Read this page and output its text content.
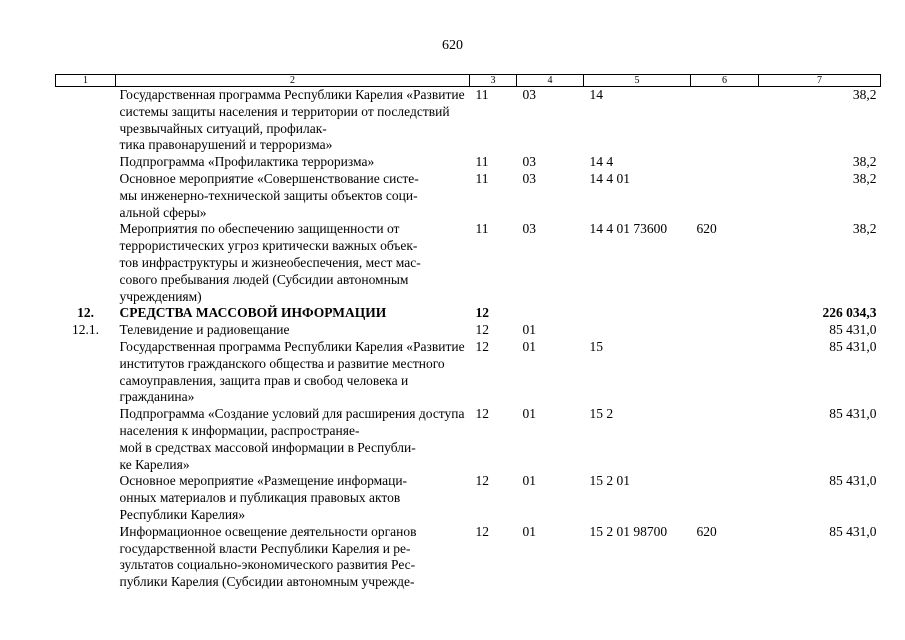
620
1	2	3	4	5	6	7
	Государственная программа Республики Карелия «Развитие системы защиты населения и территории от последствий чрезвычайных ситуаций, профилак-
тика правонарушений и терроризма»	11	03	14		38,2
	Подпрограмма «Профилактика терроризма»	11	03	14 4		38,2
	Основное мероприятие «Совершенствование систе-
мы инженерно-технической защиты объектов соци-
альной сферы»	11	03	14 4 01		38,2
	Мероприятия по обеспечению защищенности от террористических угроз критически важных объек-
тов инфраструктуры и жизнеобеспечения, мест мас-
сового пребывания людей (Субсидии автономным учреждениям)	11	03	14 4 01 73600	620	38,2
12.	СРЕДСТВА МАССОВОЙ ИНФОРМАЦИИ	12				226 034,3
12.1.	Телевидение и радиовещание	12	01			85 431,0
	Государственная программа Республики Карелия «Развитие институтов гражданского общества и развитие местного самоуправления, защита прав и свобод человека и гражданина»	12	01	15		85 431,0
	Подпрограмма «Создание условий для расширения доступа населения к информации, распространяе-
мой в средствах массовой информации в Республи-
ке Карелия»	12	01	15 2		85 431,0
	Основное мероприятие «Размещение информаци-
онных материалов и публикация правовых актов Республики Карелия»	12	01	15 2 01		85 431,0
	Информационное освещение деятельности органов государственной власти Республики Карелия и ре-
зультатов социально-экономического развития Рес-
публики Карелия (Субсидии автономным учрежде-	12	01	15 2 01 98700	620	85 431,0
